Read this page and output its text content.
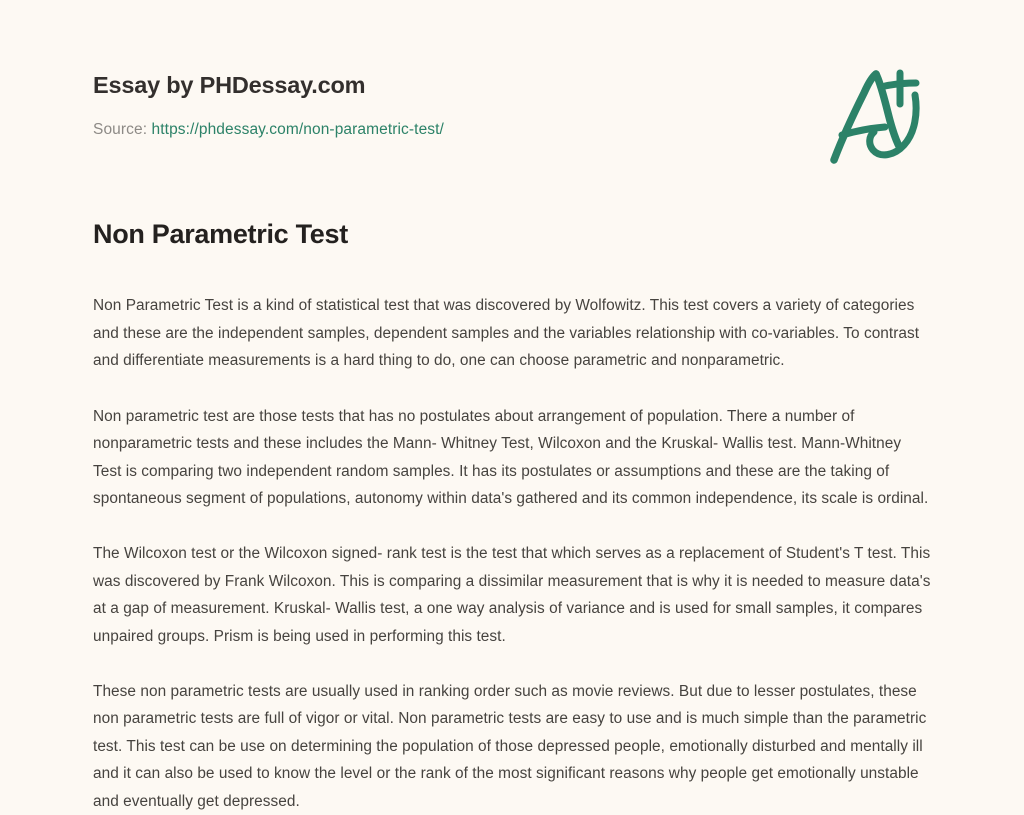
Essay by PHDessay.com
Source: https://phdessay.com/non-parametric-test/
Non Parametric Test

Non Parametric Test is a kind of statistical test that was discovered by Wolfowitz. This test covers a variety of categories and these are the independent samples, dependent samples and the variables relationship with co-variables. To contrast and differentiate measurements is a hard thing to do, one can choose parametric and nonparametric.

Non parametric test are those tests that has no postulates about arrangement of population. There a number of nonparametric tests and these includes the Mann- Whitney Test, Wilcoxon and the Kruskal- Wallis test. Mann-Whitney Test is comparing two independent random samples. It has its postulates or assumptions and these are the taking of spontaneous segment of populations, autonomy within data's gathered and its common independence, its scale is ordinal.

The Wilcoxon test or the Wilcoxon signed- rank test is the test that which serves as a replacement of Student's T test. This was discovered by Frank Wilcoxon. This is comparing a dissimilar measurement that is why it is needed to measure data's at a gap of measurement. Kruskal- Wallis test, a one way analysis of variance and is used for small samples, it compares unpaired groups. Prism is being used in performing this test.

These non parametric tests are usually used in ranking order such as movie reviews. But due to lesser postulates, these non parametric tests are full of vigor or vital. Non parametric tests are easy to use and is much simple than the parametric test. This test can be use on determining the population of those depressed people, emotionally disturbed and mentally ill and it can also be used to know the level or the rank of the most significant reasons why people get emotionally unstable and eventually get depressed.
